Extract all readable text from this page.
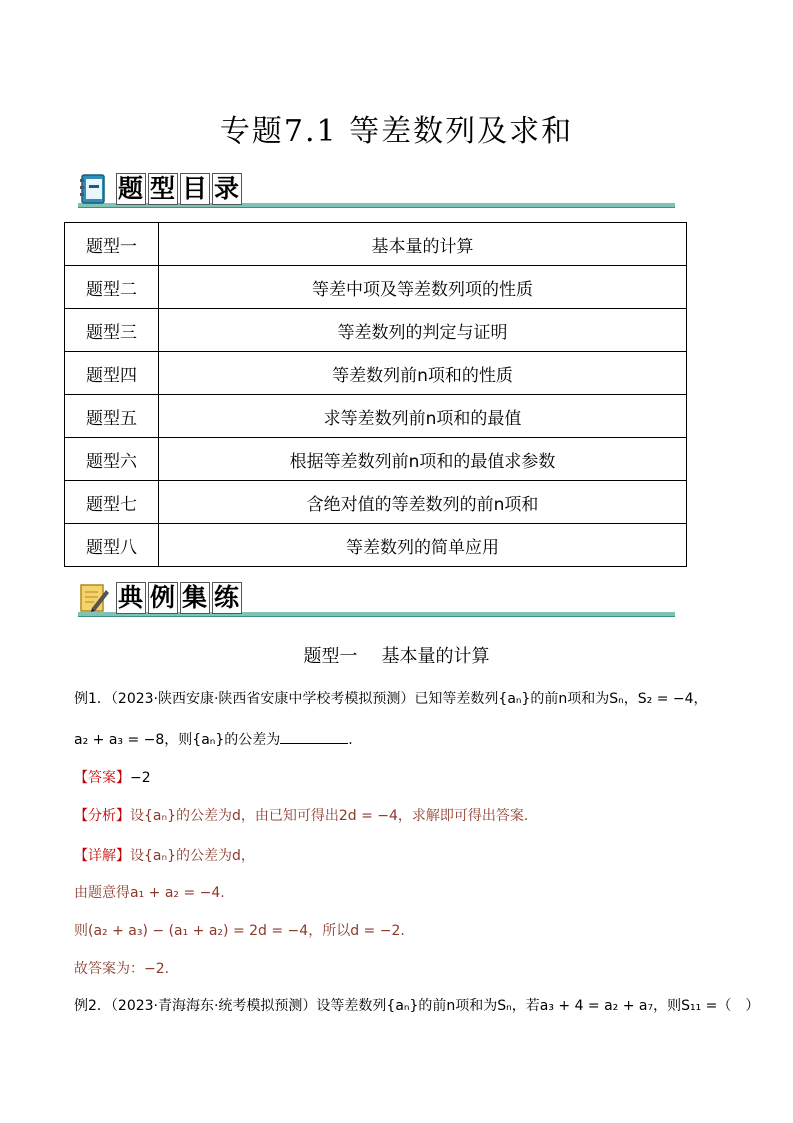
专题7.1 等差数列及求和
题 型 目 录
题型一	基本量的计算
题型二	等差中项及等差数列项的性质
题型三	等差数列的判定与证明
题型四	等差数列前n项和的性质
题型五	求等差数列前n项和的最值
题型六	根据等差数列前n项和的最值求参数
题型七	含绝对值的等差数列的前n项和
题型八	等差数列的简单应用
典 例 集 练
题型一 基本量的计算
例1．（2023·陕西安康·陕西省安康中学校考模拟预测）已知等差数列{aₙ}的前n项和为Sₙ，S₂ = −4，
a₂ + a₃ = −8，则{aₙ}的公差为	.
【答案】−2
【分析】设{aₙ}的公差为d，由已知可得出2d = −4，求解即可得出答案.
【详解】设{aₙ}的公差为d，
由题意得a₁ + a₂ = −4.
则(a₂ + a₃) − (a₁ + a₂) = 2d = −4，所以d = −2.
故答案为：−2.
例2．（2023·青海海东·统考模拟预测）设等差数列{aₙ}的前n项和为Sₙ，若a₃ + 4 = a₂ + a₇，则S₁₁ =（　）
